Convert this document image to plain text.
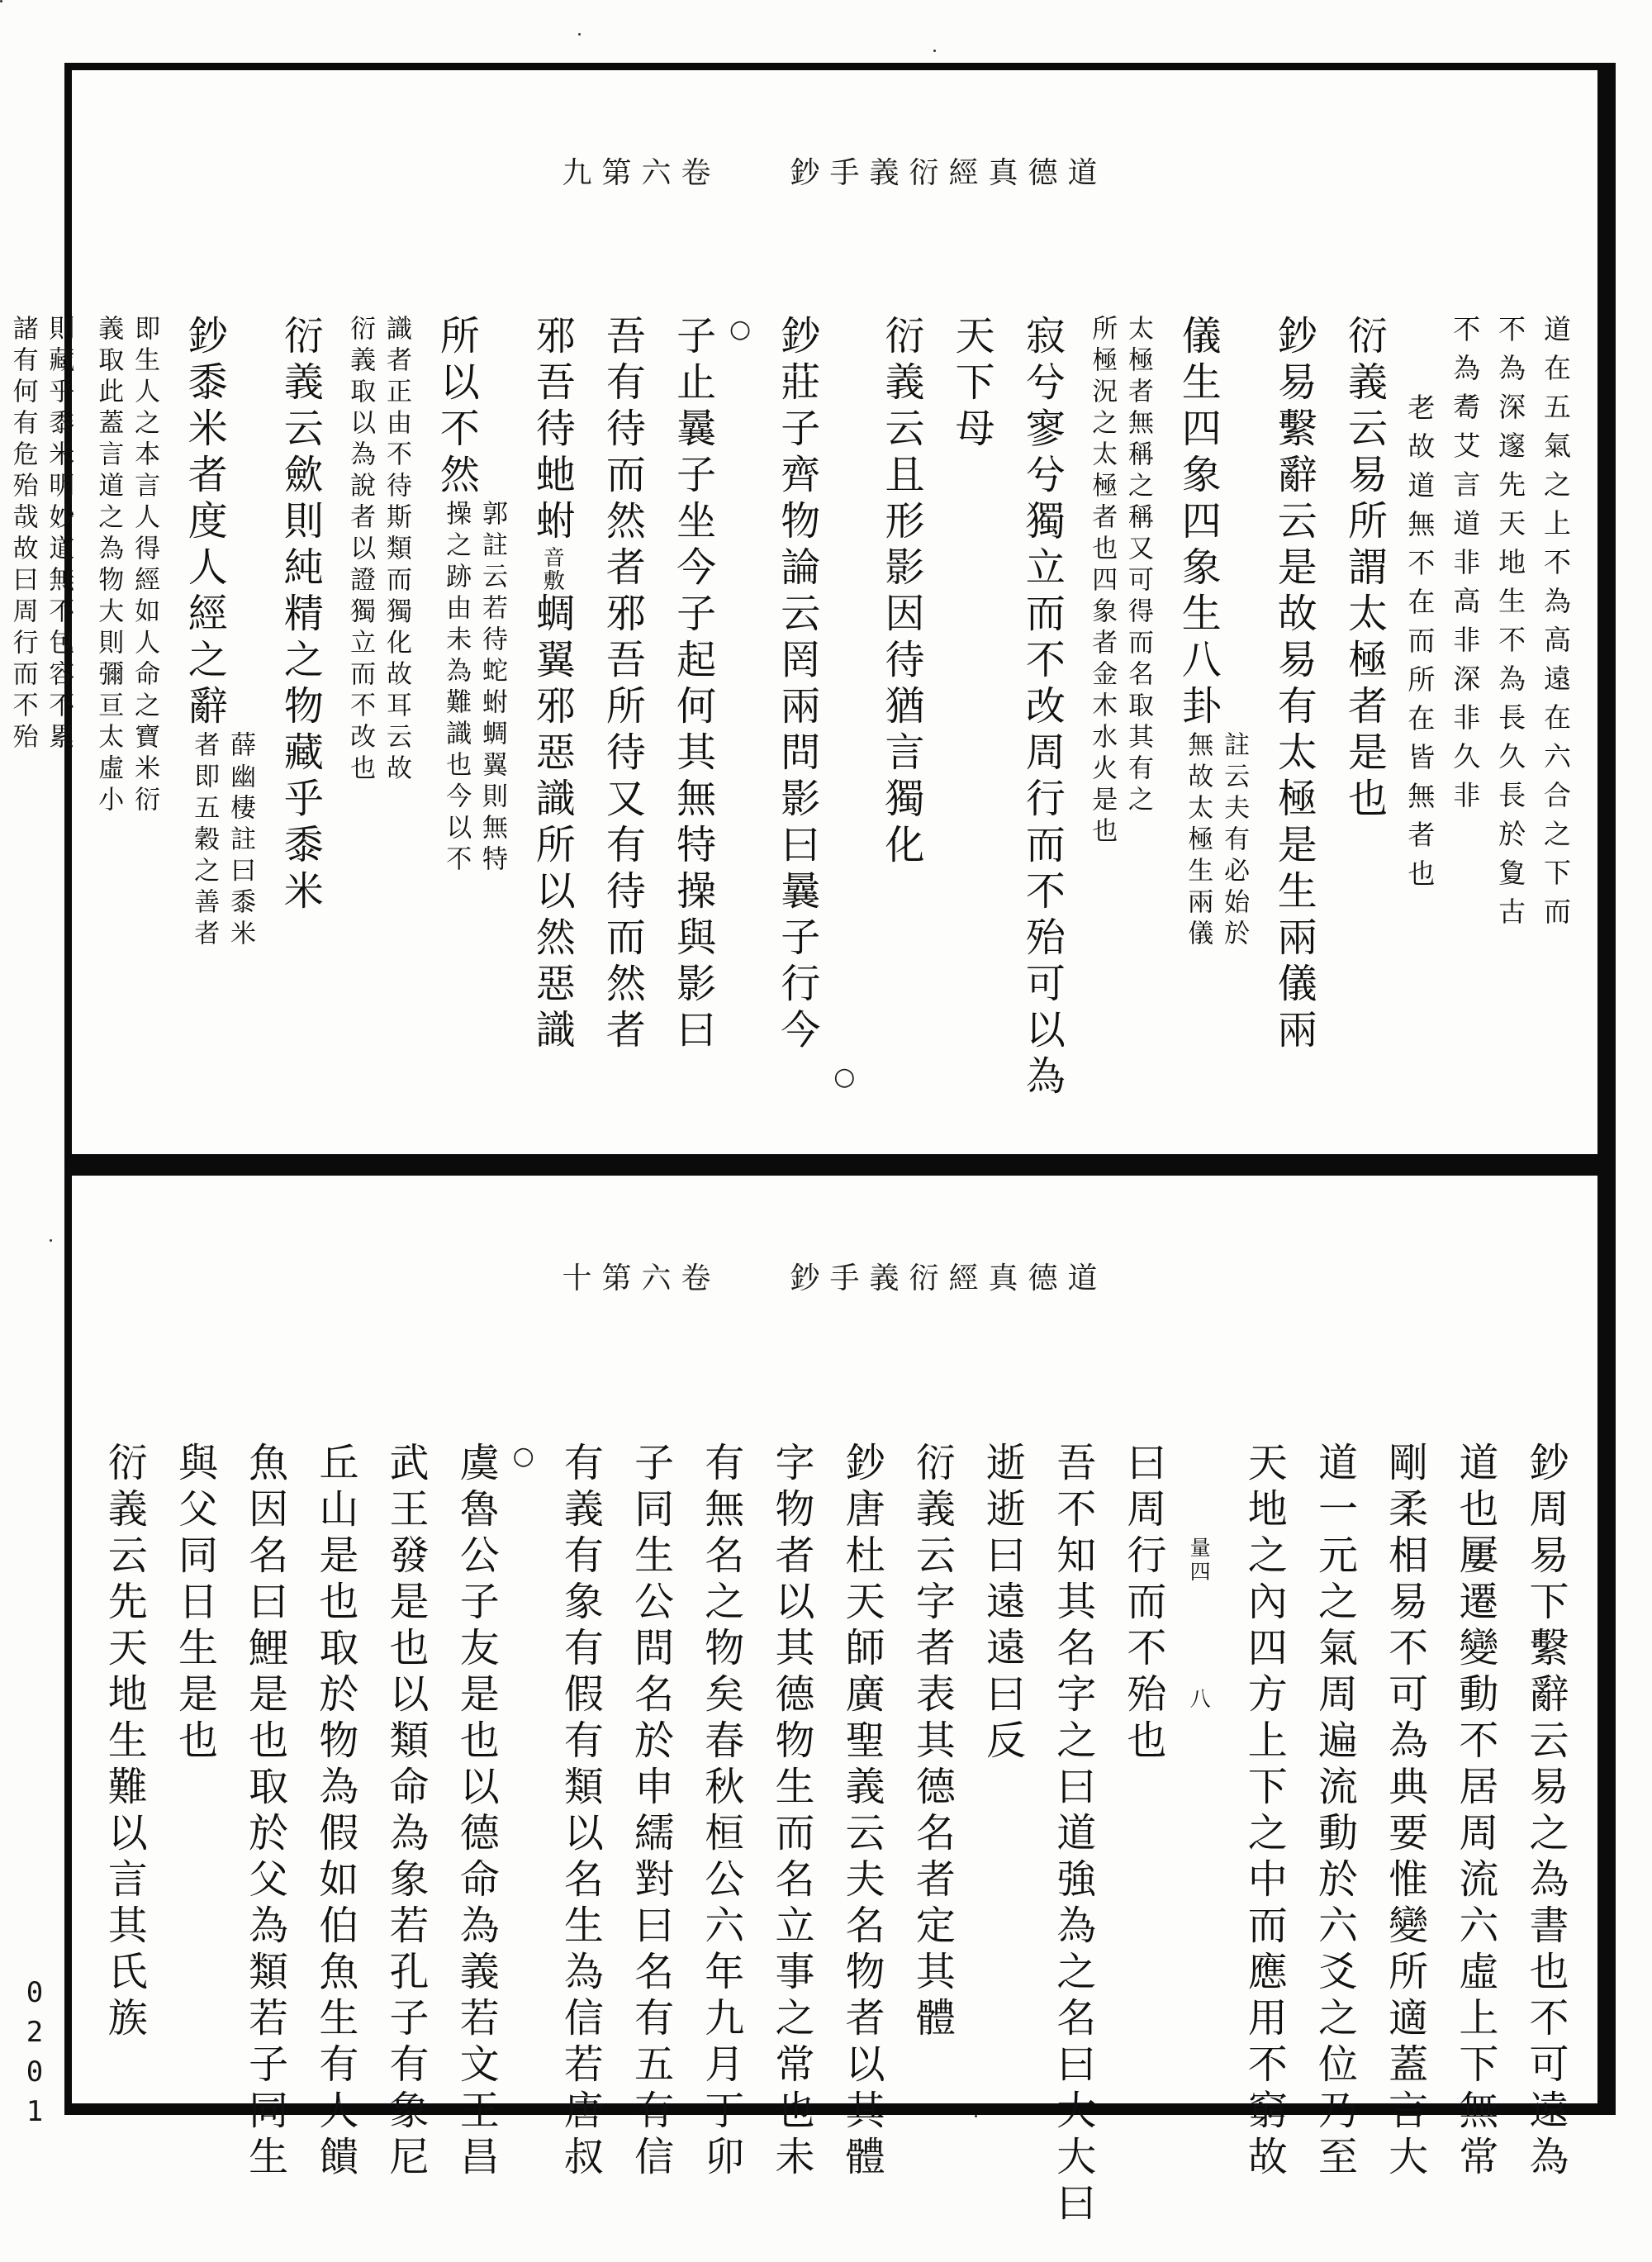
九第六卷 鈔手義衍經真德道
道在五氣之上不為高遠在六合之下而
不為深邃先天地生不為長久長於夐古
不為耈艾言道非高非深非久非
老故道無不在而所在皆無者也
衍義云易所謂太極者是也
鈔易繫辭云是故易有太極是生兩儀兩
儀生四象四象生八卦
註云夫有必始於
無故太極生兩儀
太極者無稱之稱又可得而名取其有之
所極況之太極者也四象者金木水火是也
寂兮寥兮獨立而不改周行而不殆可以為
天下母
衍義云且形影因待猶言獨化
○
鈔莊子齊物論云罔兩問影曰曩子行今
○
子止曩子坐今子起何其無特操與影曰
吾有待而然者邪吾所待又有待而然者
邪吾待虵蚹音敷蜩翼邪惡識所以然惡識
所以不然
郭註云若待蛇蚹蜩翼則無特
操之跡由未為難識也今以不
識者正由不待斯類而獨化故耳云故
衍義取以為說者以證獨立而不改也
衍義云歛則純精之物藏乎黍米
鈔黍米者度人經之辭
薛幽棲註曰黍米
者即五穀之善者
即生人之本言人得經如人命之寶米衍
義取此蓋言道之為物大則彌亘太虛小
則藏乎黍米明妙道無不包容不累
諸有何有危殆哉故曰周行而不殆
十第六卷 鈔手義衍經真德道
鈔周易下繫辭云易之為書也不可遠為
道也屢遷變動不居周流六虛上下無常
剛柔相易不可為典要惟變所適蓋言大
道一元之氣周遍流動於六爻之位乃至
天地之內四方上下之中而應用不窮故
量四八
曰周行而不殆也
吾不知其名字之曰道強為之名曰大大曰
逝逝曰遠遠曰反
衍義云字者表其德名者定其體
鈔唐杜天師廣聖義云夫名物者以其體
字物者以其德物生而名立事之常也未
有無名之物矣春秋桓公六年九月丁卯
子同生公問名於申繻對曰名有五有信
有義有象有假有類以名生為信若唐叔
○
虞魯公子友是也以德命為義若文王昌
武王發是也以類命為象若孔子有象尼
丘山是也取於物為假如伯魚生有人饋
魚因名曰鯉是也取於父為類若子同生
與父同日生是也
衍義云先天地生難以言其氏族
0201
